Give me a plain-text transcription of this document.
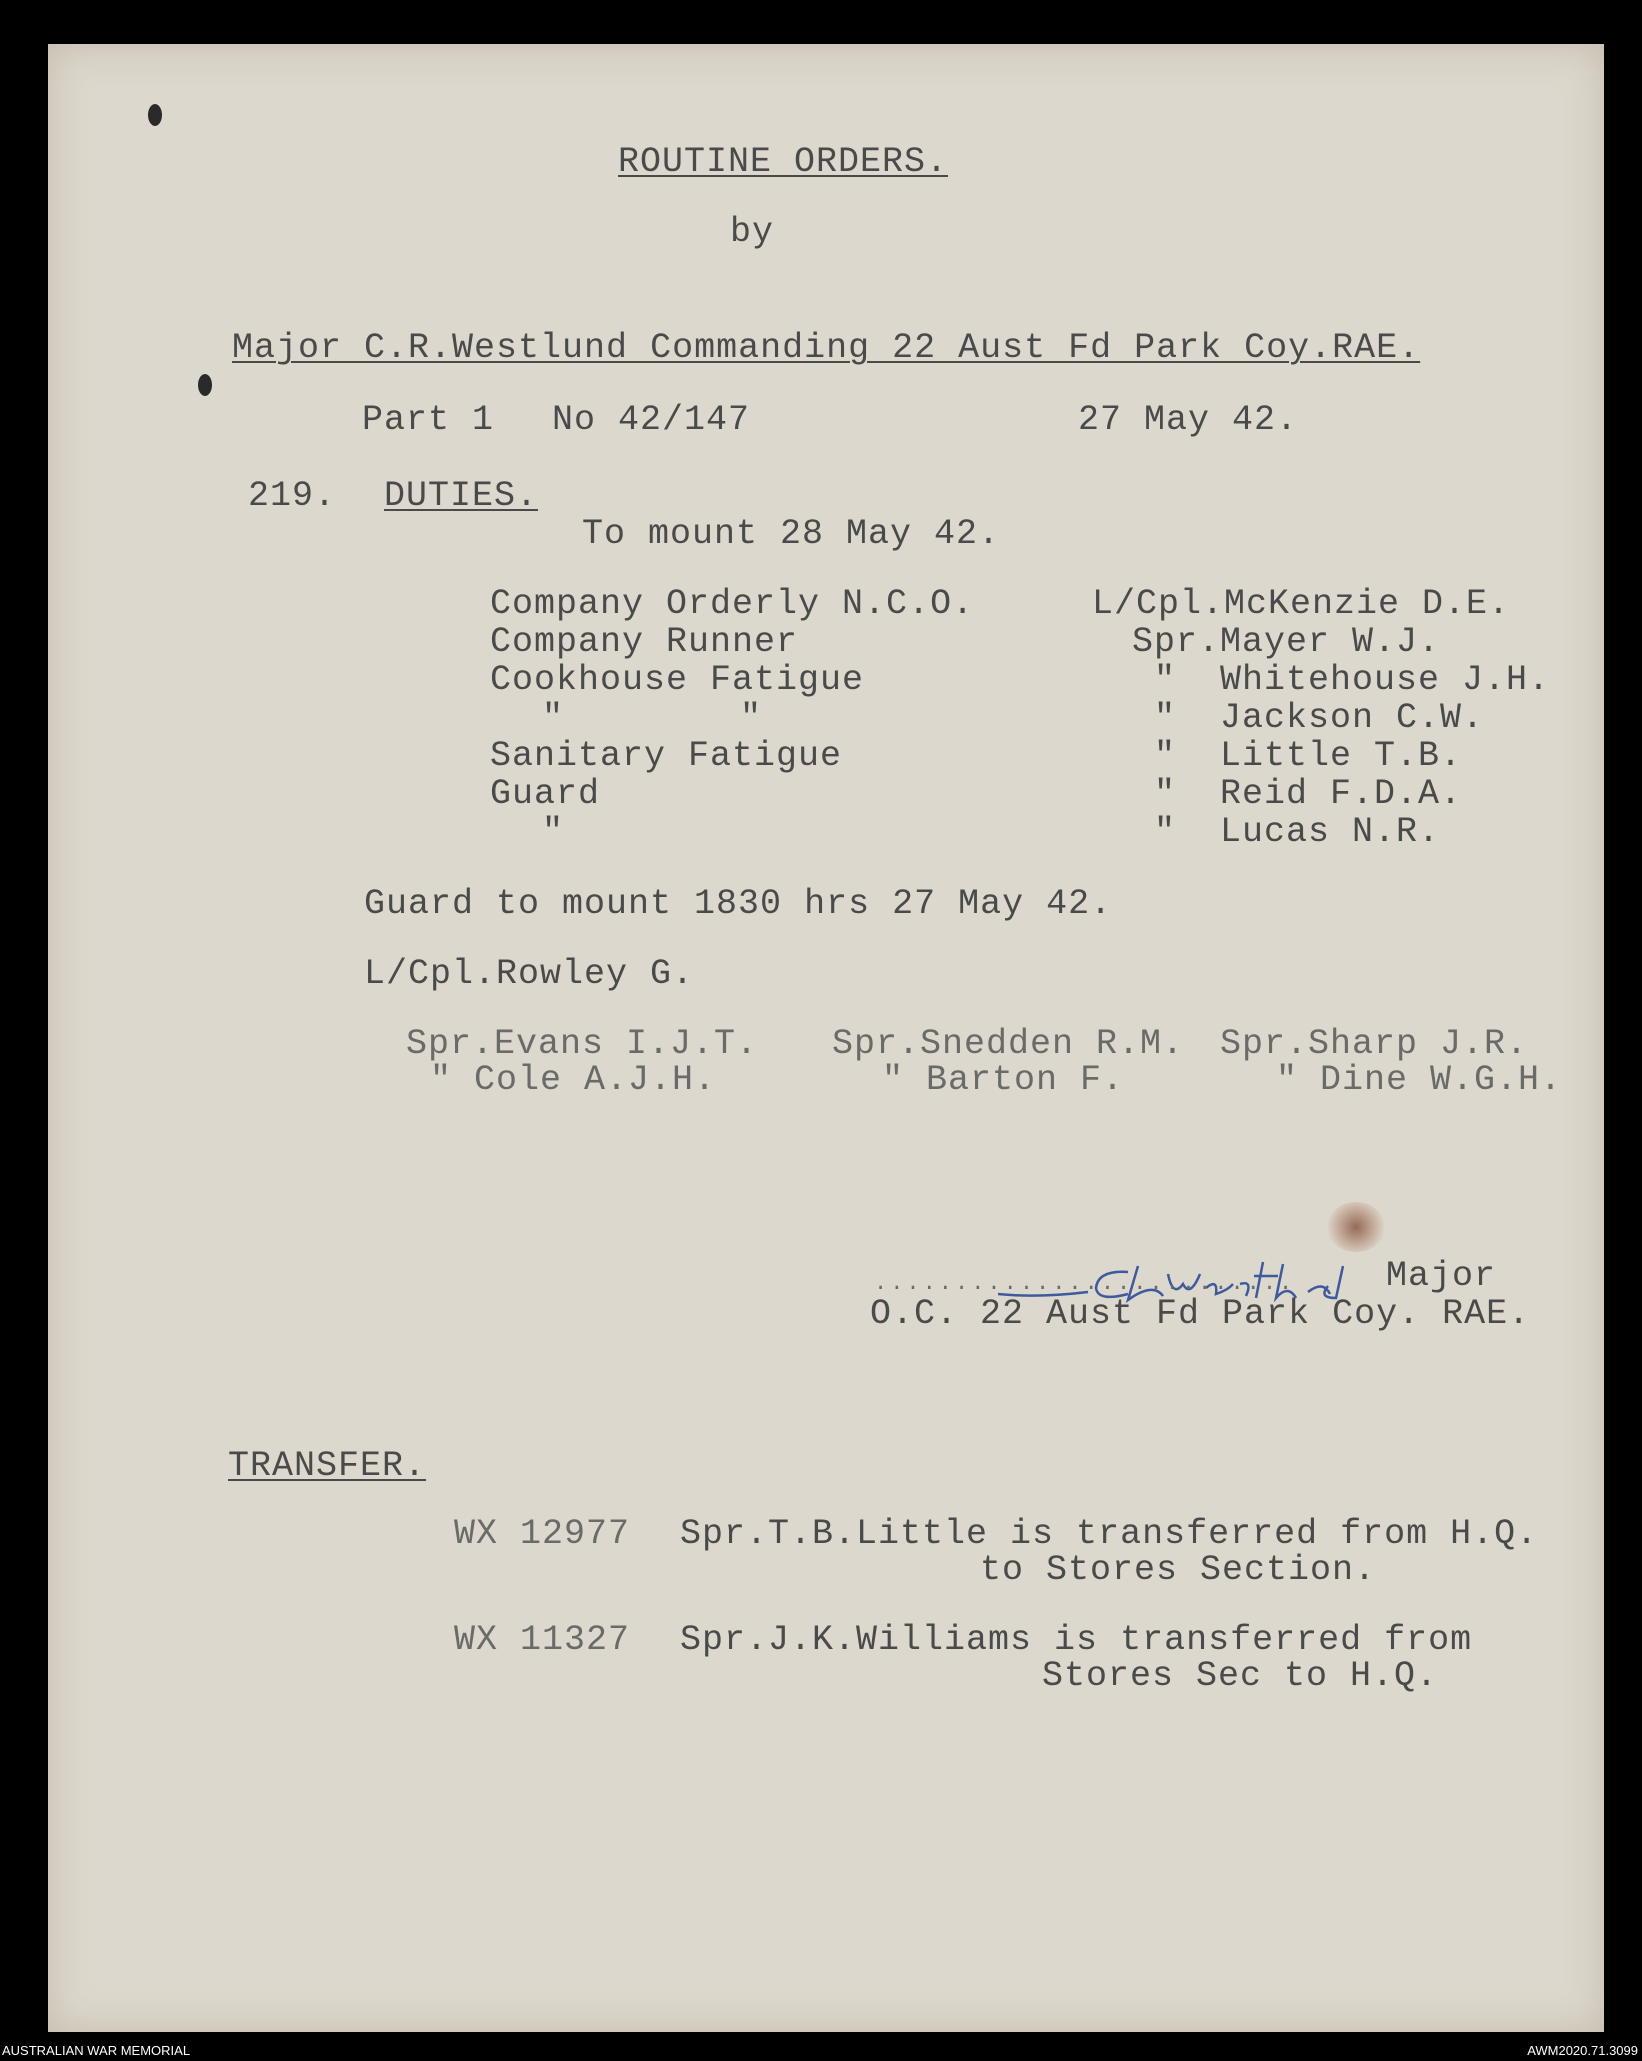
ROUTINE ORDERS.
by
Major C.R.Westlund Commanding 22 Aust Fd Park Coy.RAE.
Part 1 No 42/147	27 May 42.
219. DUTIES.
To mount 28 May 42.
Company Orderly N.C.O.	L/Cpl.McKenzie D.E.
Company Runner	Spr.Mayer W.J.
Cookhouse Fatigue	"  Whitehouse J.H.
"        "	"  Jackson C.W.
Sanitary Fatigue	"  Little T.B.
Guard	"  Reid F.D.A.
"	"  Lucas N.R.
Guard to mount 1830 hrs 27 May 42.
L/Cpl.Rowley G.
Spr.Evans I.J.T. Spr.Snedden R.M. Spr.Sharp J.R.
" Cole A.J.H.	" Barton F.	" Dine W.G.H.
..........................	Major
O.C. 22 Aust Fd Park Coy. RAE.
TRANSFER.
WX 12977 Spr.T.B.Little is transferred from H.Q.
to Stores Section.
WX 11327 Spr.J.K.Williams is transferred from
Stores Sec to H.Q.
AUSTRALIAN WAR MEMORIAL	AWM2020.71.3099
